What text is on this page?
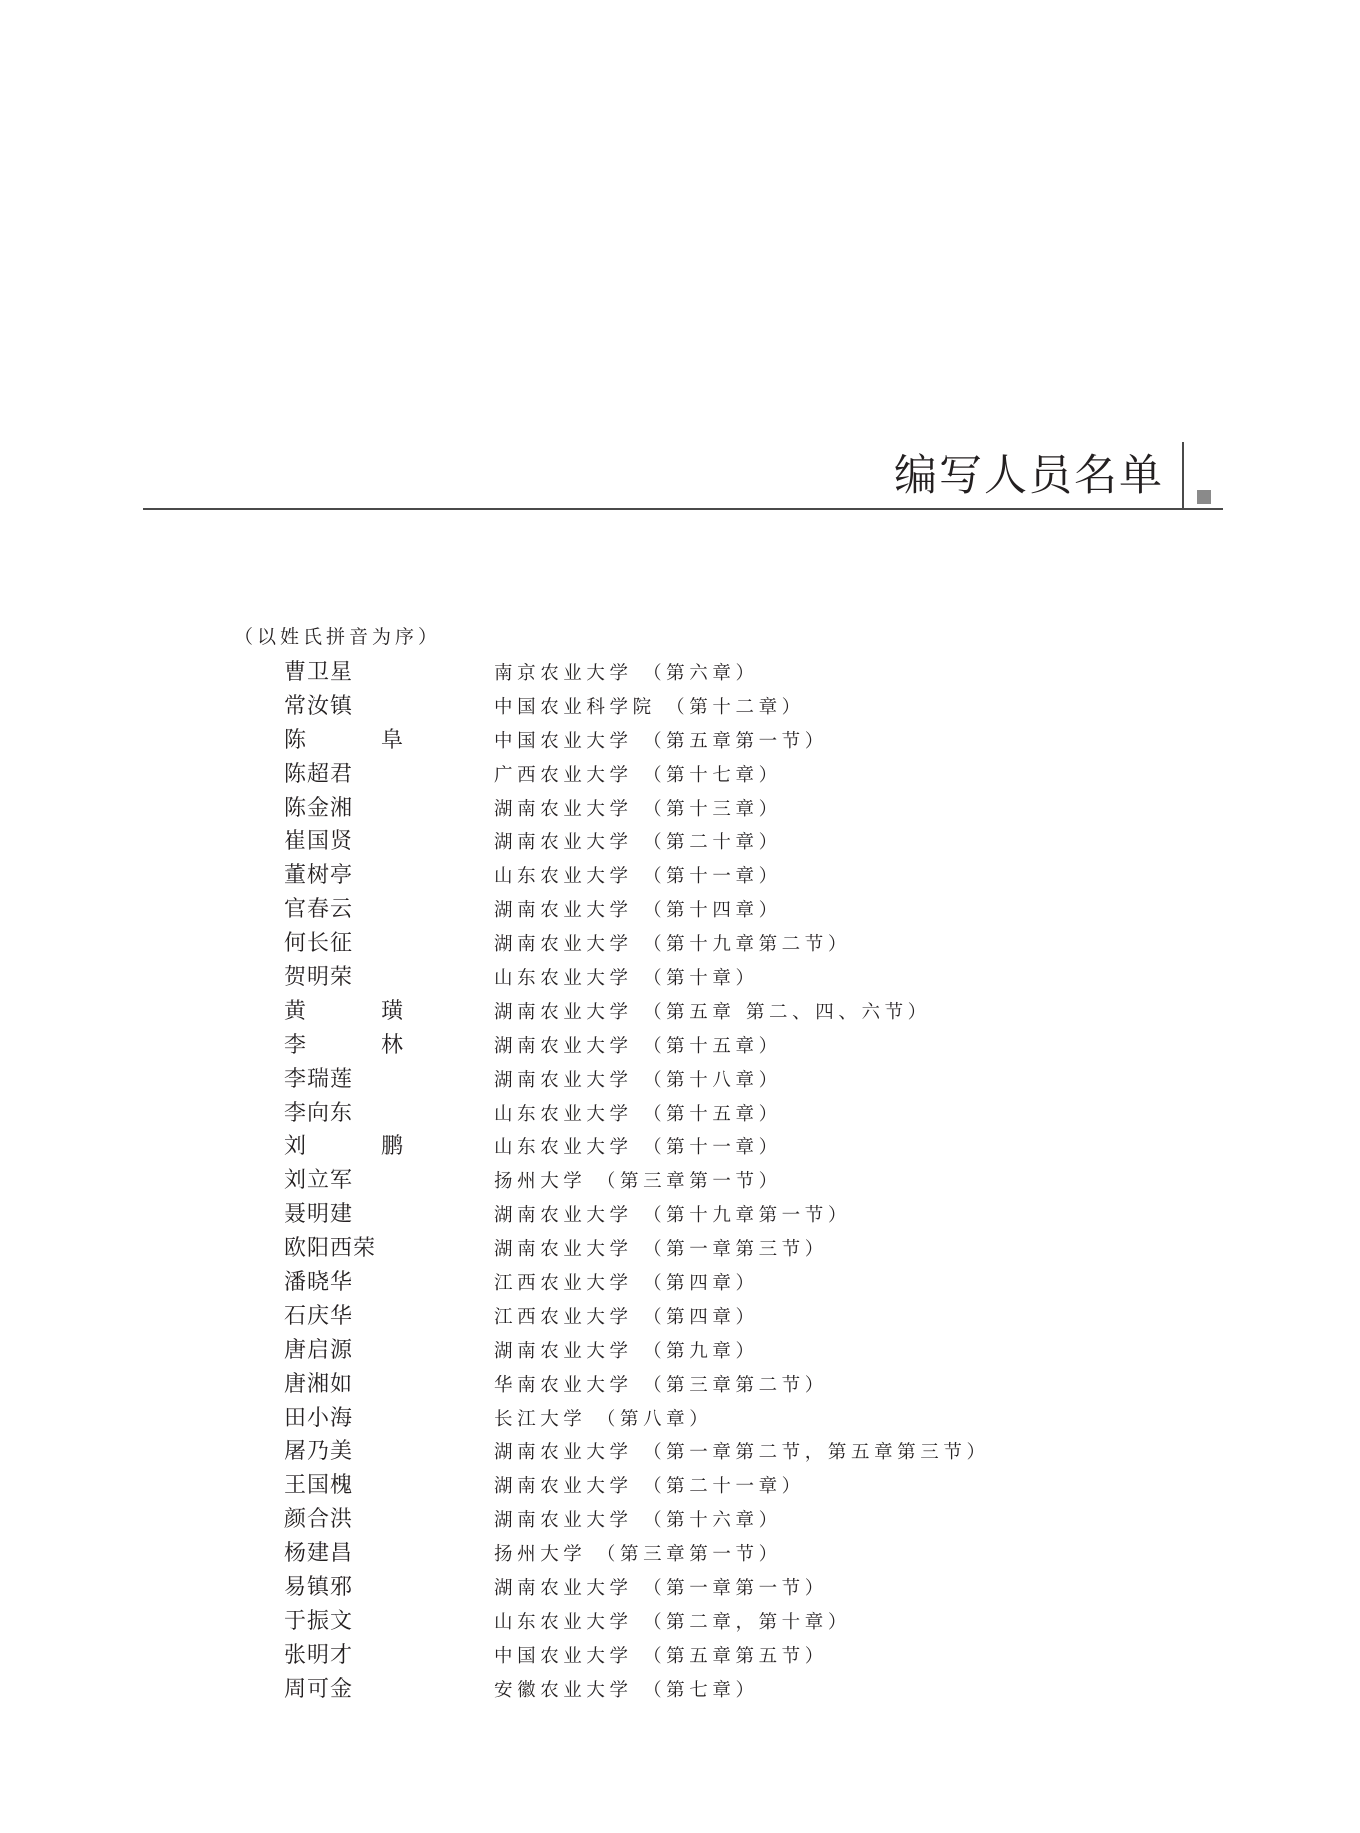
编写人员名单
（以姓氏拼音为序）
曹卫星	南京农业大学 （第六章）
常汝镇	中国农业科学院 （第十二章）
陈 阜	中国农业大学 （第五章第一节）
陈超君	广西农业大学 （第十七章）
陈金湘	湖南农业大学 （第十三章）
崔国贤	湖南农业大学 （第二十章）
董树亭	山东农业大学 （第十一章）
官春云	湖南农业大学 （第十四章）
何长征	湖南农业大学 （第十九章第二节）
贺明荣	山东农业大学 （第十章）
黄 璜	湖南农业大学 （第五章 第二、四、六节）
李 林	湖南农业大学 （第十五章）
李瑞莲	湖南农业大学 （第十八章）
李向东	山东农业大学 （第十五章）
刘 鹏	山东农业大学 （第十一章）
刘立军	扬州大学 （第三章第一节）
聂明建	湖南农业大学 （第十九章第一节）
欧阳西荣	湖南农业大学 （第一章第三节）
潘晓华	江西农业大学 （第四章）
石庆华	江西农业大学 （第四章）
唐启源	湖南农业大学 （第九章）
唐湘如	华南农业大学 （第三章第二节）
田小海	长江大学 （第八章）
屠乃美	湖南农业大学 （第一章第二节，第五章第三节）
王国槐	湖南农业大学 （第二十一章）
颜合洪	湖南农业大学 （第十六章）
杨建昌	扬州大学 （第三章第一节）
易镇邪	湖南农业大学 （第一章第一节）
于振文	山东农业大学 （第二章，第十章）
张明才	中国农业大学 （第五章第五节）
周可金	安徽农业大学 （第七章）
